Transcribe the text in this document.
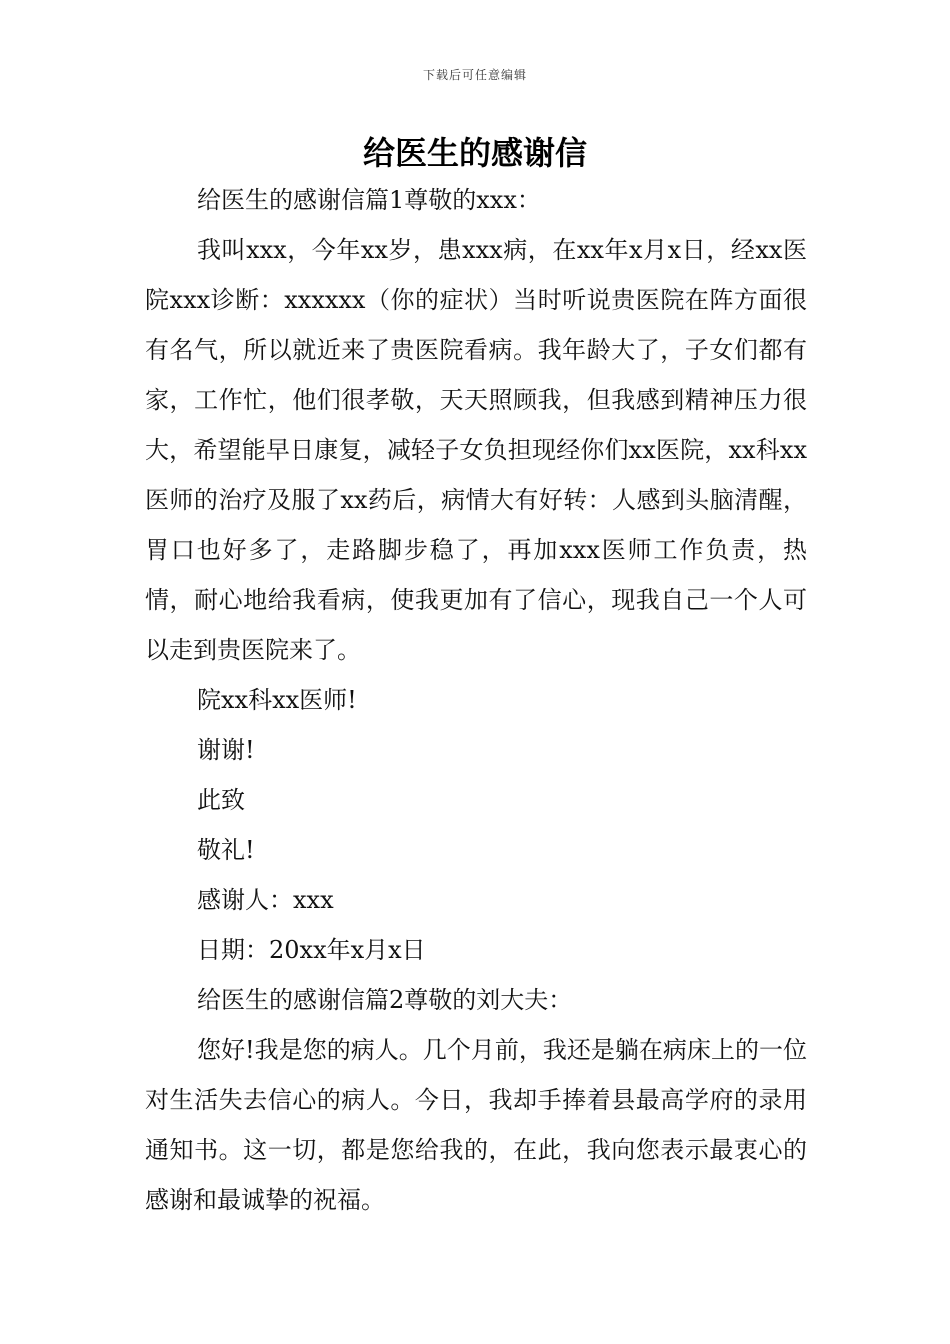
下载后可任意编辑
给医生的感谢信

给医生的感谢信篇1尊敬的xxx：

我叫xxx，今年xx岁，患xxx病，在xx年x月x日，经xx医院xxx诊断：xxxxxx（你的症状）当时听说贵医院在阵方面很有名气，所以就近来了贵医院看病。我年龄大了，子女们都有家，工作忙，他们很孝敬，天天照顾我，但我感到精神压力很大，希望能早日康复，减轻子女负担现经你们xx医院，xx科xx医师的治疗及服了xx药后，病情大有好转：人感到头脑清醒，胃口也好多了，走路脚步稳了，再加xxx医师工作负责，热情，耐心地给我看病，使我更加有了信心，现我自己一个人可以走到贵医院来了。

院xx科xx医师!

谢谢!

此致

敬礼!

感谢人：xxx

日期：20xx年x月x日

给医生的感谢信篇2尊敬的刘大夫：

您好!我是您的病人。几个月前，我还是躺在病床上的一位对生活失去信心的病人。今日，我却手捧着县最高学府的录用通知书。这一切，都是您给我的，在此，我向您表示最衷心的感谢和最诚挚的祝福。
